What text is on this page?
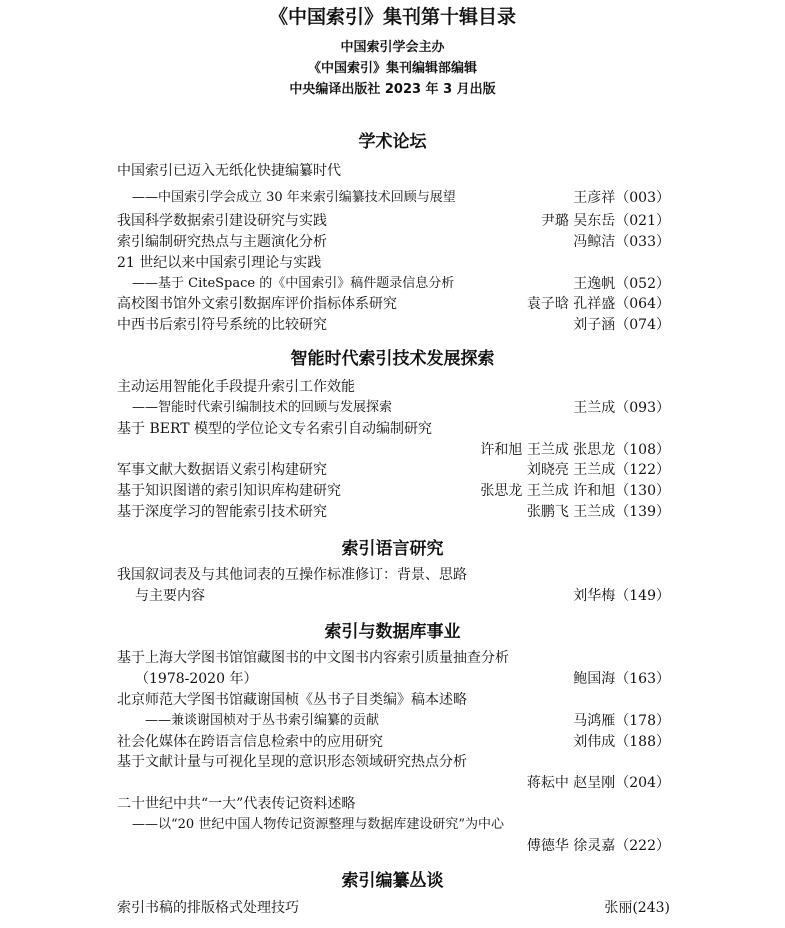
《中国索引》集刊第十辑目录
中国索引学会主办
《中国索引》集刊编辑部编辑
中央编译出版社 2023 年 3 月出版
学术论坛
中国索引已迈入无纸化快捷编纂时代
——中国索引学会成立 30 年来索引编纂技术回顾与展望	王彦祥（003）
我国科学数据索引建设研究与实践	尹璐 吴东岳（021）
索引编制研究热点与主题演化分析	冯鲸洁（033）
21 世纪以来中国索引理论与实践
——基于 CiteSpace 的《中国索引》稿件题录信息分析	王逸帆（052）
高校图书馆外文索引数据库评价指标体系研究	袁子晗 孔祥盛（064）
中西书后索引符号系统的比较研究	刘子涵（074）
智能时代索引技术发展探索
主动运用智能化手段提升索引工作效能
——智能时代索引编制技术的回顾与发展探索	王兰成（093）
基于 BERT 模型的学位论文专名索引自动编制研究
许和旭 王兰成 张思龙（108）
军事文献大数据语义索引构建研究	刘晓亮 王兰成（122）
基于知识图谱的索引知识库构建研究	张思龙 王兰成 许和旭（130）
基于深度学习的智能索引技术研究	张鹏飞 王兰成（139）
索引语言研究
我国叙词表及与其他词表的互操作标准修订：背景、思路
与主要内容	刘华梅（149）
索引与数据库事业
基于上海大学图书馆馆藏图书的中文图书内容索引质量抽查分析
（1978-2020 年）	鲍国海（163）
北京师范大学图书馆藏谢国桢《丛书子目类编》稿本述略
——兼谈谢国桢对于丛书索引编纂的贡献	马鸿雁（178）
社会化媒体在跨语言信息检索中的应用研究	刘伟成（188）
基于文献计量与可视化呈现的意识形态领域研究热点分析
蒋耘中 赵呈刚（204）
二十世纪中共“一大”代表传记资料述略
——以“20 世纪中国人物传记资源整理与数据库建设研究”为中心
傅德华 徐灵嘉（222）
索引编纂丛谈
索引书稿的排版格式处理技巧	张丽(243)
